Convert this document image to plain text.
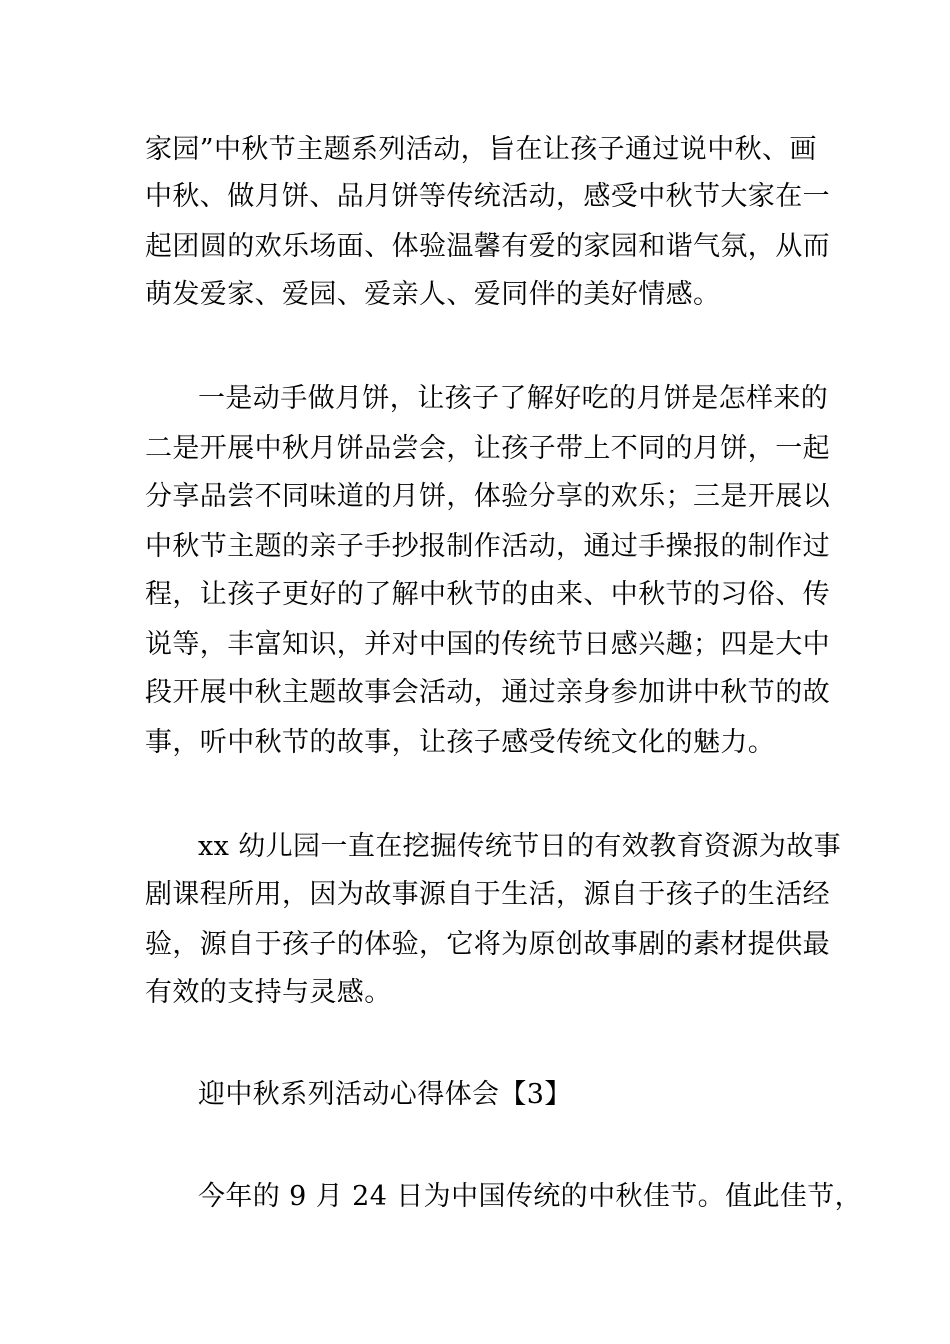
家园”中秋节主题系列活动，旨在让孩子通过说中秋、画
中秋、做月饼、品月饼等传统活动，感受中秋节大家在一
起团圆的欢乐场面、体验温馨有爱的家园和谐气氛，从而
萌发爱家、爱园、爱亲人、爱同伴的美好情感。
一是动手做月饼，让孩子了解好吃的月饼是怎样来的
二是开展中秋月饼品尝会，让孩子带上不同的月饼，一起
分享品尝不同味道的月饼，体验分享的欢乐；三是开展以
中秋节主题的亲子手抄报制作活动，通过手操报的制作过
程，让孩子更好的了解中秋节的由来、中秋节的习俗、传
说等，丰富知识，并对中国的传统节日感兴趣；四是大中
段开展中秋主题故事会活动，通过亲身参加讲中秋节的故
事，听中秋节的故事，让孩子感受传统文化的魅力。
xx 幼儿园一直在挖掘传统节日的有效教育资源为故事
剧课程所用，因为故事源自于生活，源自于孩子的生活经
验，源自于孩子的体验，它将为原创故事剧的素材提供最
有效的支持与灵感。
迎中秋系列活动心得体会【3】
今年的 9 月 24 日为中国传统的中秋佳节。值此佳节，
